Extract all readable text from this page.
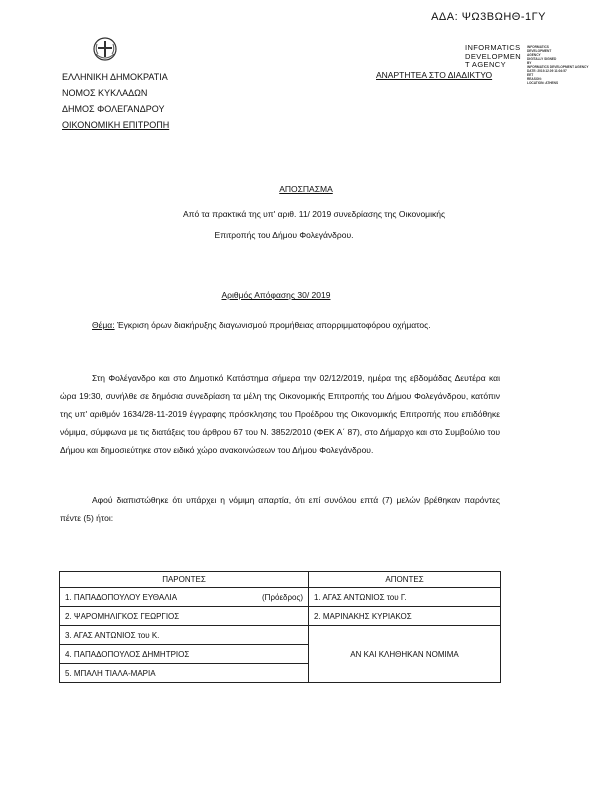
ΑΔΑ: ΨΩ3ΒΩΗΘ-1ΓΥ
ΕΛΛΗΝΙΚΗ ΔΗΜΟΚΡΑΤΙΑ
ΝΟΜΟΣ ΚΥΚΛΑΔΩΝ
ΔΗΜΟΣ ΦΟΛΕΓΑΝΔΡΟΥ
ΟΙΚΟΝΟΜΙΚΗ ΕΠΙΤΡΟΠΗ
INFORMATICS
DEVELOPMEN
T AGENCY
INFORMATICS
DEVELOPMENT
AGENCY
DIGITALLY SIGNED
BY
INFORMATICS DEVELOPMENT AGENCY
DATE: 2019.12.09 11:04:57
EET
REASON:
LOCATION: ATHENS
ΑΝΑΡΤΗΤΕΑ ΣΤΟ ΔΙΑΔΙΚΤΥΟ
ΑΠΟΣΠΑΣΜΑ
Από τα πρακτικά της υπ' αριθ. 11/ 2019 συνεδρίασης της Οικονομικής
Επιτροπής του Δήμου Φολεγάνδρου.
Αριθμός Απόφασης 30/ 2019

Θέμα: Έγκριση όρων διακήρυξης διαγωνισμού προμήθειας απορριμματοφόρου οχήματος.

Στη Φολέγανδρο και στο Δημοτικό Κατάστημα σήμερα την 02/12/2019, ημέρα της εβδομάδας Δευτέρα και ώρα 19:30, συνήλθε σε δημόσια συνεδρίαση τα μέλη της Οικονομικής Επιτροπής του Δήμου Φολεγάνδρου, κατόπιν της υπ' αριθμόν 1634/28-11-2019 έγγραφης πρόσκλησης του Προέδρου της Οικονομικής Επιτροπής που επιδόθηκε νόμιμα, σύμφωνα με τις διατάξεις του άρθρου 67 του Ν. 3852/2010 (ΦΕΚ Α΄ 87), στο Δήμαρχο και στο Συμβούλιο του Δήμου και δημοσιεύτηκε στον ειδικό χώρο ανακοινώσεων του Δήμου Φολεγάνδρου.

Αφού διαπιστώθηκε ότι υπάρχει η νόμιμη απαρτία, ότι επί συνόλου επτά (7) μελών βρέθηκαν παρόντες πέντε (5) ήτοι:

ΠΑΡΟΝΤΕΣ	ΑΠΟΝΤΕΣ
1. ΠΑΠΑΔΟΠΟΥΛΟΥ ΕΥΘΑΛΙΑ (Πρόεδρος)	1. ΑΓΑΣ ΑΝΤΩΝΙΟΣ του Γ.
2. ΨΑΡΟΜΗΛΙΓΚΟΣ ΓΕΩΡΓΙΟΣ	2. ΜΑΡΙΝΑΚΗΣ ΚΥΡΙΑΚΟΣ
3. ΑΓΑΣ ΑΝΤΩΝΙΟΣ του Κ.	ΑΝ ΚΑΙ ΚΛΗΘΗΚΑΝ ΝΟΜΙΜΑ
4. ΠΑΠΑΔΟΠΟΥΛΟΣ ΔΗΜΗΤΡΙΟΣ	
5. ΜΠΑΛΗ ΤΙΑΛΑ-ΜΑΡΙΑ	
